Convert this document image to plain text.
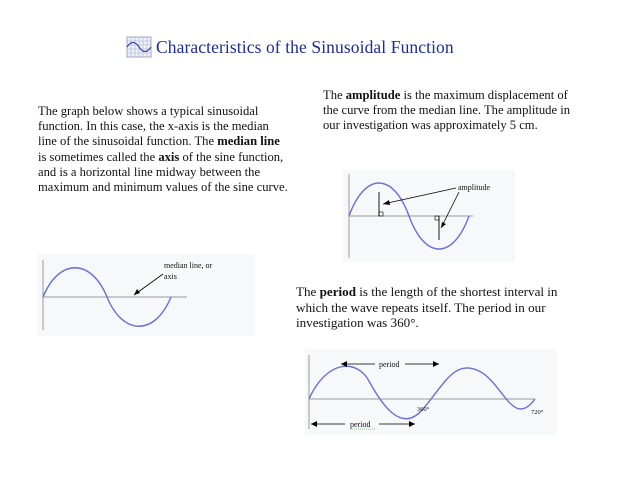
Characteristics of the Sinusoidal Function
The graph below shows a typical sinusoidal function. In this case, the x-axis is the median line of the sinusoidal function. The median line is sometimes called the axis of the sine function, and is a horizontal line midway between the maximum and minimum values of the sine curve.
The amplitude is the maximum displacement of the curve from the median line. The amplitude in our investigation was approximately 5 cm.
The period is the length of the shortest interval in which the wave repeats itself. The period in our investigation was 360°.
median line, or
axis
amplitude
period
period
360°	720°
